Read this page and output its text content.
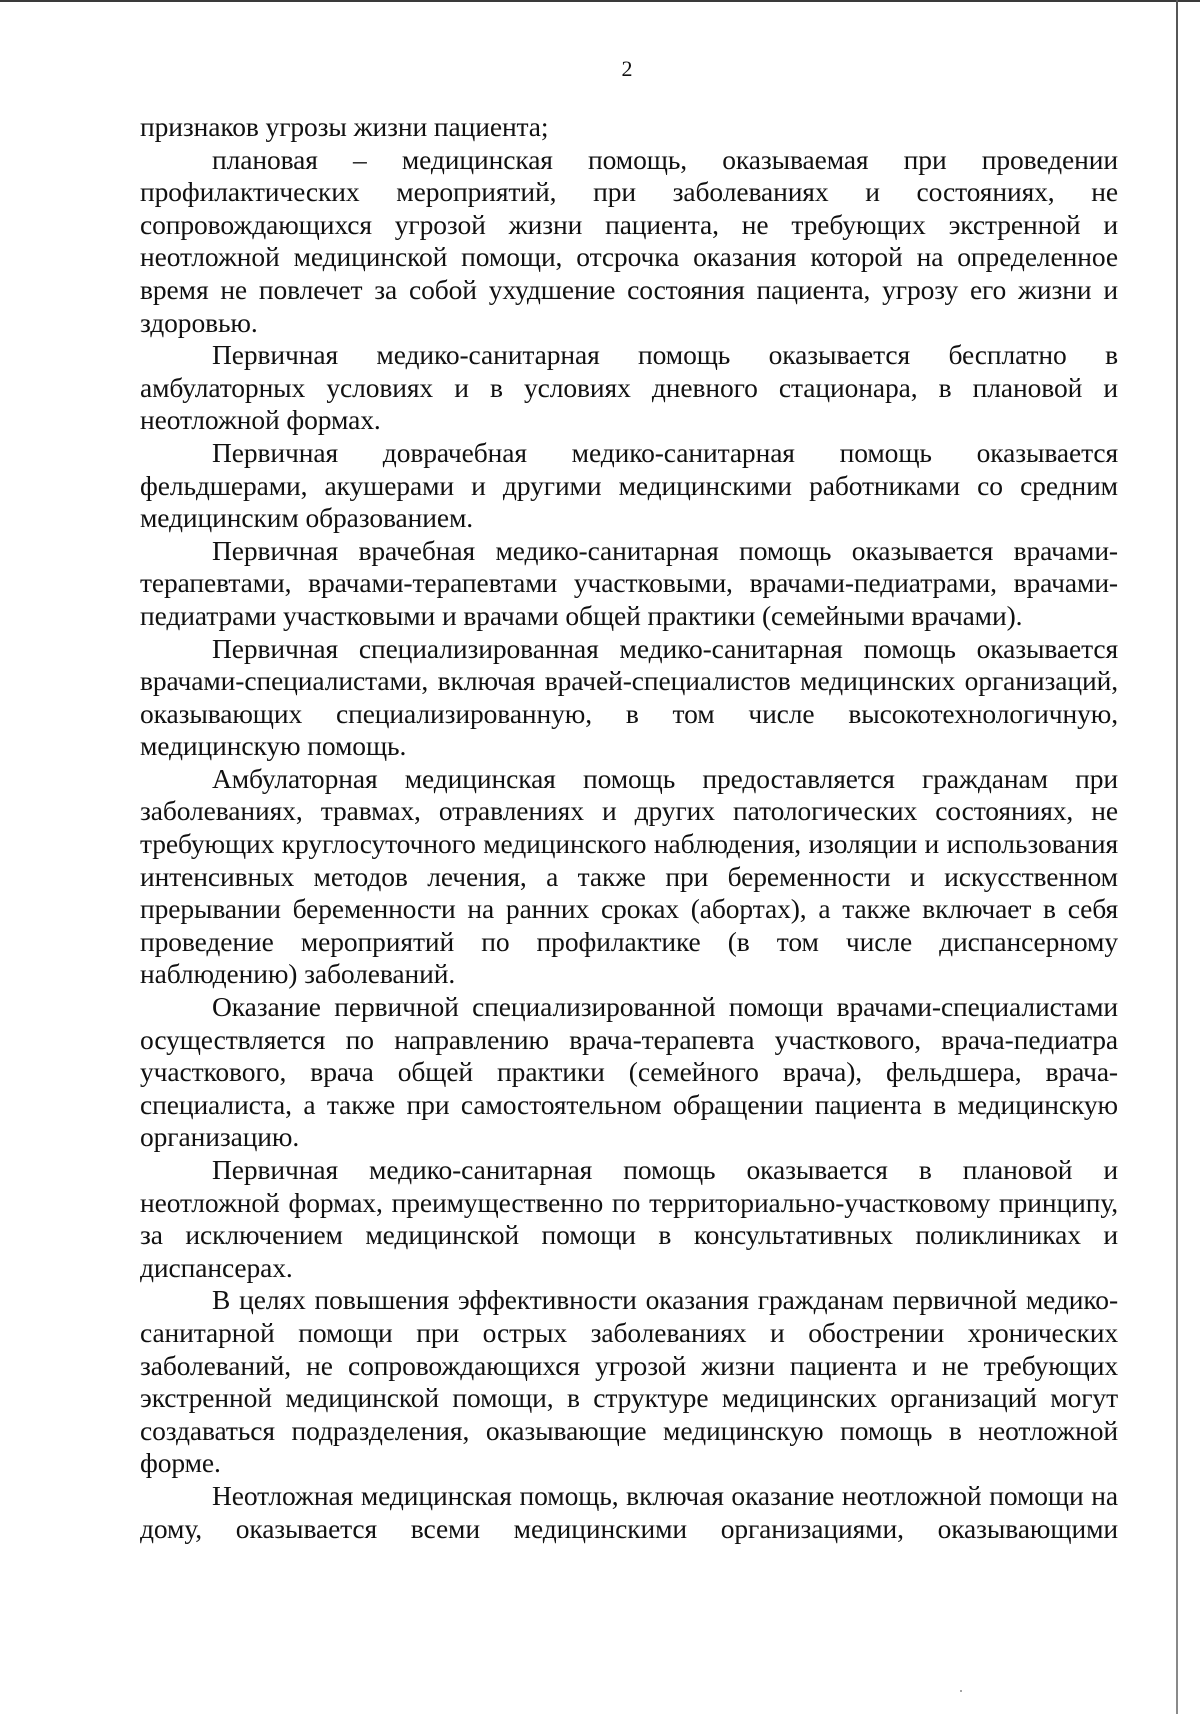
2

признаков угрозы жизни пациента;

плановая – медицинская помощь, оказываемая при проведении профилактических мероприятий, при заболеваниях и состояниях, не сопровождающихся угрозой жизни пациента, не требующих экстренной и неотложной медицинской помощи, отсрочка оказания которой на определенное время не повлечет за собой ухудшение состояния пациента, угрозу его жизни и здоровью.

Первичная медико-санитарная помощь оказывается бесплатно в амбулаторных условиях и в условиях дневного стационара, в плановой и неотложной формах.

Первичная доврачебная медико-санитарная помощь оказывается фельдшерами, акушерами и другими медицинскими работниками со средним медицинским образованием.

Первичная врачебная медико-санитарная помощь оказывается врачами-терапевтами, врачами-терапевтами участковыми, врачами-педиатрами, врачами-педиатрами участковыми и врачами общей практики (семейными врачами).

Первичная специализированная медико-санитарная помощь оказывается врачами-специалистами, включая врачей-специалистов медицинских организаций, оказывающих специализированную, в том числе высокотехнологичную, медицинскую помощь.

Амбулаторная медицинская помощь предоставляется гражданам при заболеваниях, травмах, отравлениях и других патологических состояниях, не требующих круглосуточного медицинского наблюдения, изоляции и использования интенсивных методов лечения, а также при беременности и искусственном прерывании беременности на ранних сроках (абортах), а также включает в себя проведение мероприятий по профилактике (в том числе диспансерному наблюдению) заболеваний.

Оказание первичной специализированной помощи врачами-специалистами осуществляется по направлению врача-терапевта участкового, врача-педиатра участкового, врача общей практики (семейного врача), фельдшера, врача-специалиста, а также при самостоятельном обращении пациента в медицинскую организацию.

Первичная медико-санитарная помощь оказывается в плановой и неотложной формах, преимущественно по территориально-участковому принципу, за исключением медицинской помощи в консультативных поликлиниках и диспансерах.

В целях повышения эффективности оказания гражданам первичной медико-санитарной помощи при острых заболеваниях и обострении хронических заболеваний, не сопровождающихся угрозой жизни пациента и не требующих экстренной медицинской помощи, в структуре медицинских организаций могут создаваться подразделения, оказывающие медицинскую помощь в неотложной форме.

Неотложная медицинская помощь, включая оказание неотложной помощи на дому, оказывается всеми медицинскими организациями, оказывающими
